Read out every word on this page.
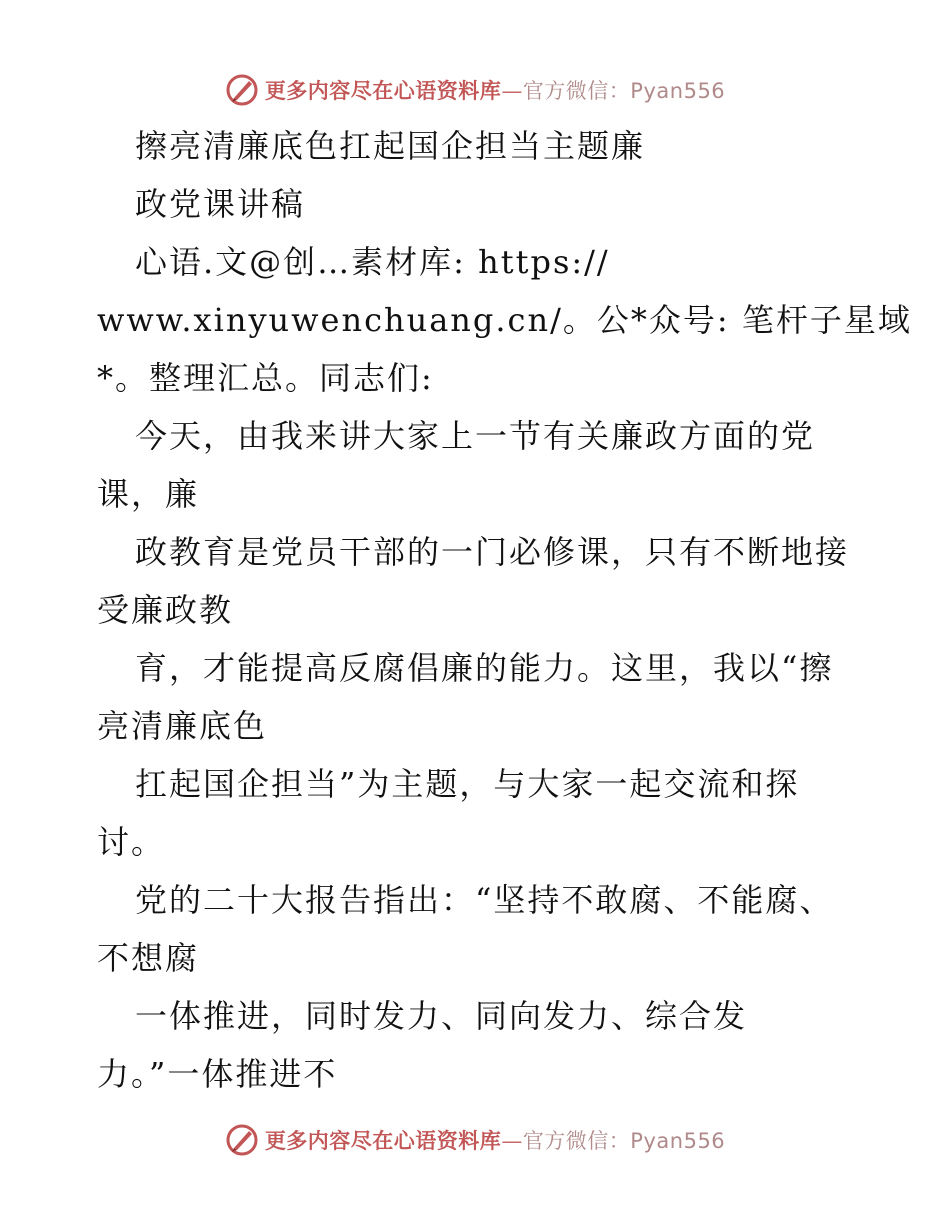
更多内容尽在心语资料库—官方微信：Pyan556
擦亮清廉底色扛起国企担当主题廉
政党课讲稿
心语.文@创…素材库: https://
www.xinyuwenchuang.cn/。公*众号: 笔杆子星域
*。整理汇总。同志们:
今天，由我来讲大家上一节有关廉政方面的党
课，廉
政教育是党员干部的一门必修课，只有不断地接
受廉政教
育，才能提高反腐倡廉的能力。这里，我以“擦
亮清廉底色
扛起国企担当”为主题，与大家一起交流和探
讨。
党的二十大报告指出：“坚持不敢腐、不能腐、
不想腐
一体推进，同时发力、同向发力、综合发
力。”一体推进不
更多内容尽在心语资料库—官方微信：Pyan556
